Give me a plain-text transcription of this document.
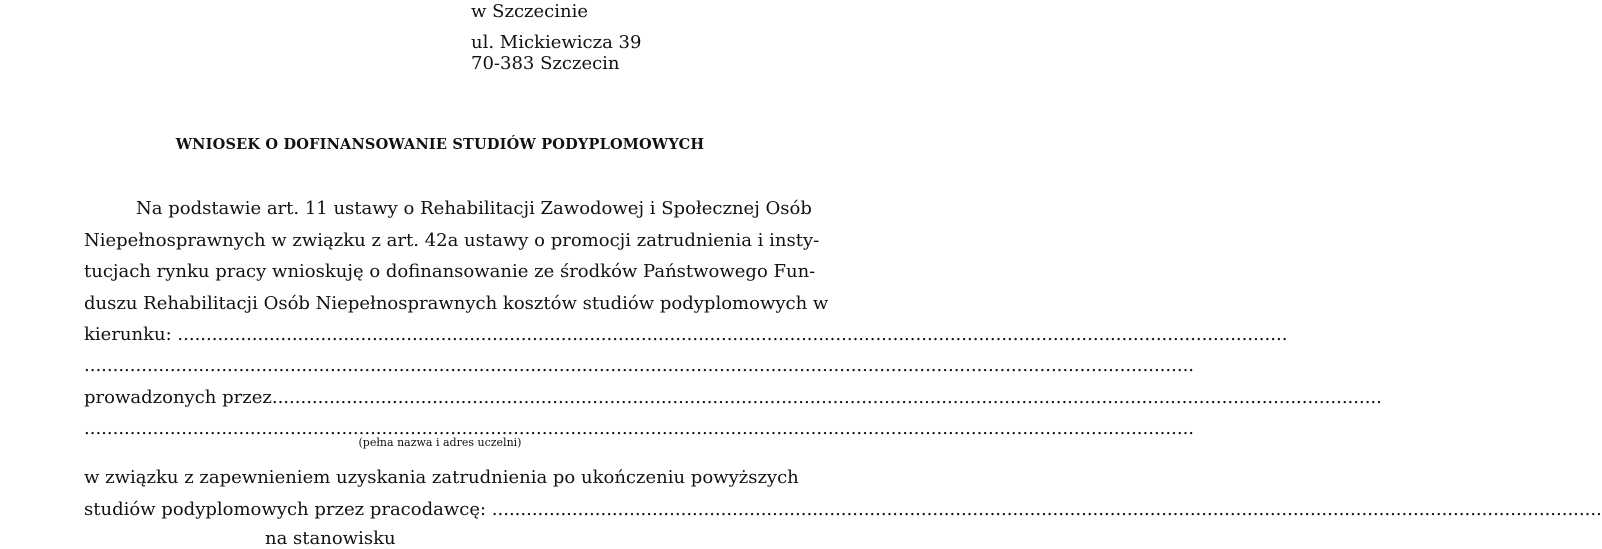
w Szczecinie

ul. Mickiewicza 39
70-383 Szczecin
WNIOSEK O DOFINANSOWANIE STUDIÓW PODYPLOMOWYCH
Na podstawie art. 11 ustawy o Rehabilitacji Zawodowej i Społecznej Osób
Niepełnosprawnych w związku z art. 42a ustawy o promocji zatrudnienia i insty-
tucjach rynku pracy wnioskuję o dofinansowanie ze środków Państwowego Fun-
duszu Rehabilitacji Osób Niepełnosprawnych kosztów studiów podyplomowych w
kierunku: ..................................................................................................................................................................................................
..................................................................................................................................................................................................
prowadzonych przez..................................................................................................................................................................................................
..................................................................................................................................................................................................
(pełna nazwa i adres uczelni)
w związku z zapewnieniem uzyskania zatrudnienia po ukończeniu powyższych
studiów podyplomowych przez pracodawcę: ..................................................................................................................................................................................................
na stanowisku
